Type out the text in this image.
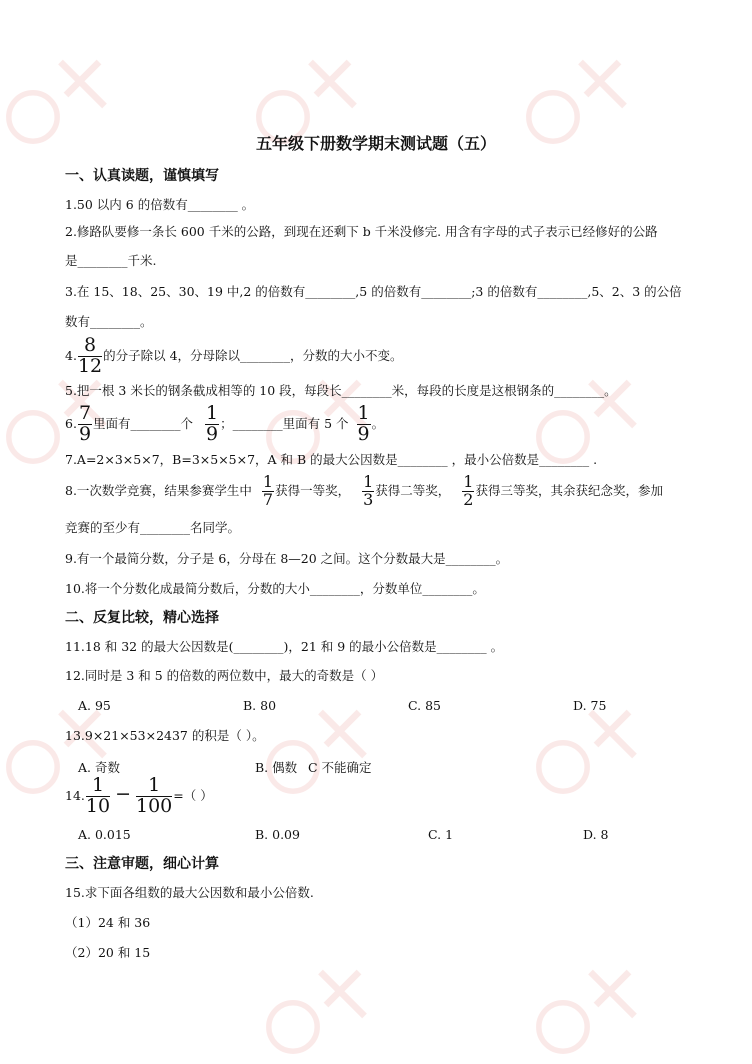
五年级下册数学期末测试题（五）
一、认真读题，谨慎填写
1.50 以内 6 的倍数有________ 。
2.修路队要修一条长 600 千米的公路，到现在还剩下 b 千米没修完. 用含有字母的式子表示已经修好的公路
是________千米.
3.在 15、18、25、30、19 中,2 的倍数有________,5 的倍数有________;3 的倍数有________,5、2、3 的公倍
数有________。
4. $\frac{8}{12}$ 的分子除以 4，分母除以________，分数的大小不变。
5.把一根 3 米长的钢条截成相等的 10 段，每段长________米，每段的长度是这根钢条的________。
6. $\frac{7}{9}$ 里面有________个 $\frac{1}{9}$ ；________里面有 5 个 $\frac{1}{9}$ 。
7.A=2×3×5×7，B=3×5×5×7，A 和 B 的最大公因数是________ ，最小公倍数是________ .
8.一次数学竞赛，结果参赛学生中 $\frac{1}{7}$ 获得一等奖， $\frac{1}{3}$ 获得二等奖， $\frac{1}{2}$ 获得三等奖，其余获纪念奖，参加
竞赛的至少有________名同学。
9.有一个最简分数，分子是 6，分母在 8—20 之间。这个分数最大是________。
10.将一个分数化成最简分数后，分数的大小________，分数单位________。
二、反复比较，精心选择
11.18 和 32 的最大公因数是(________)，21 和 9 的最小公倍数是________ 。
12.同时是 3 和 5 的倍数的两位数中，最大的奇数是（ ）
A. 95	B. 80	C. 85	D. 75
13.9×21×53×2437 的积是（ ）。
A. 奇数	B. 偶数 C 不能确定
14. $\frac{1}{10} - \frac{1}{100}$ =（ ）
A. 0.015	B. 0.09	C. 1	D. 8
三、注意审题，细心计算
15.求下面各组数的最大公因数和最小公倍数.
（1）24 和 36
（2）20 和 15
